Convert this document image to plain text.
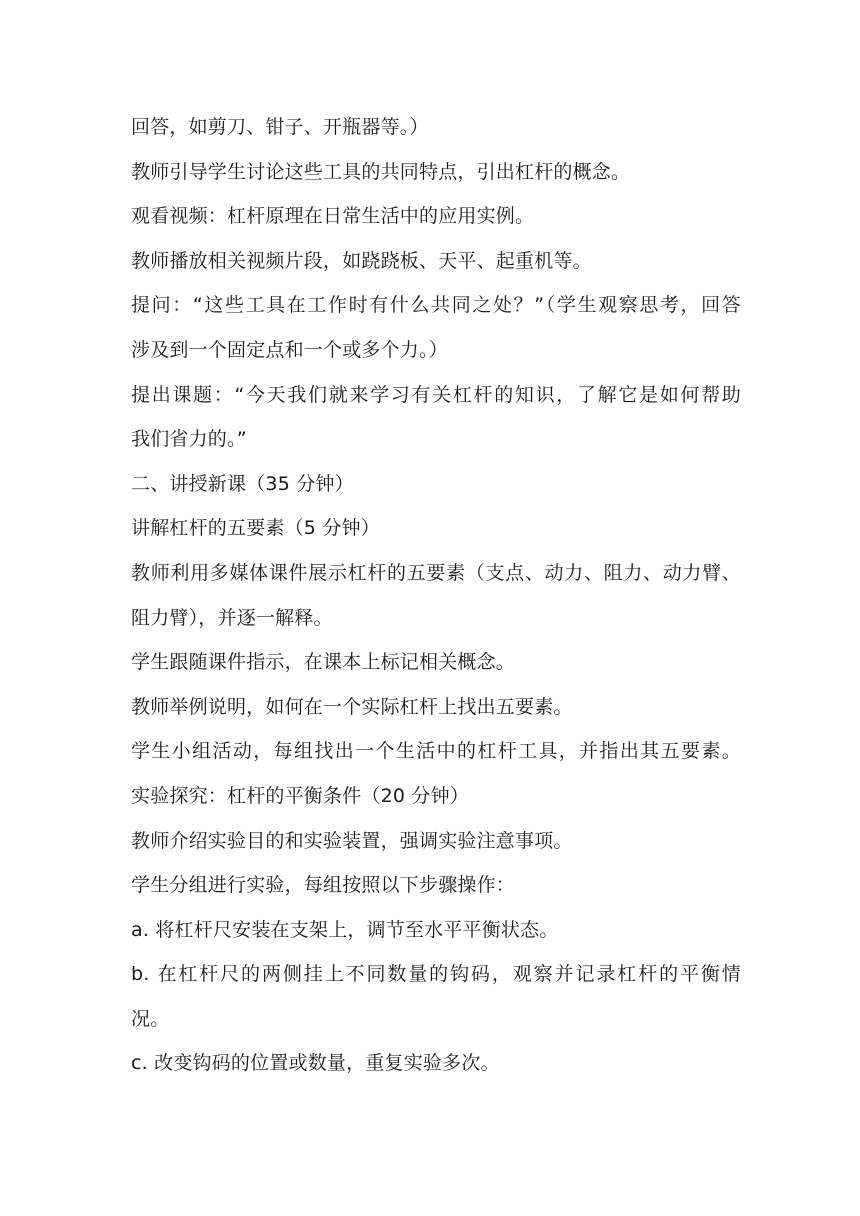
回答，如剪刀、钳子、开瓶器等。）

教师引导学生讨论这些工具的共同特点，引出杠杆的概念。

观看视频：杠杆原理在日常生活中的应用实例。

教师播放相关视频片段，如跷跷板、天平、起重机等。

提问：“这些工具在工作时有什么共同之处？”（学生观察思考，回答

涉及到一个固定点和一个或多个力。）

提出课题：“今天我们就来学习有关杠杆的知识，了解它是如何帮助

我们省力的。”

二、讲授新课（35 分钟）

讲解杠杆的五要素（5 分钟）

教师利用多媒体课件展示杠杆的五要素（支点、动力、阻力、动力臂、

阻力臂），并逐一解释。

学生跟随课件指示，在课本上标记相关概念。

教师举例说明，如何在一个实际杠杆上找出五要素。

学生小组活动，每组找出一个生活中的杠杆工具，并指出其五要素。

实验探究：杠杆的平衡条件（20 分钟）

教师介绍实验目的和实验装置，强调实验注意事项。

学生分组进行实验，每组按照以下步骤操作：

a. 将杠杆尺安装在支架上，调节至水平平衡状态。

b. 在杠杆尺的两侧挂上不同数量的钩码，观察并记录杠杆的平衡情

况。

c. 改变钩码的位置或数量，重复实验多次。
